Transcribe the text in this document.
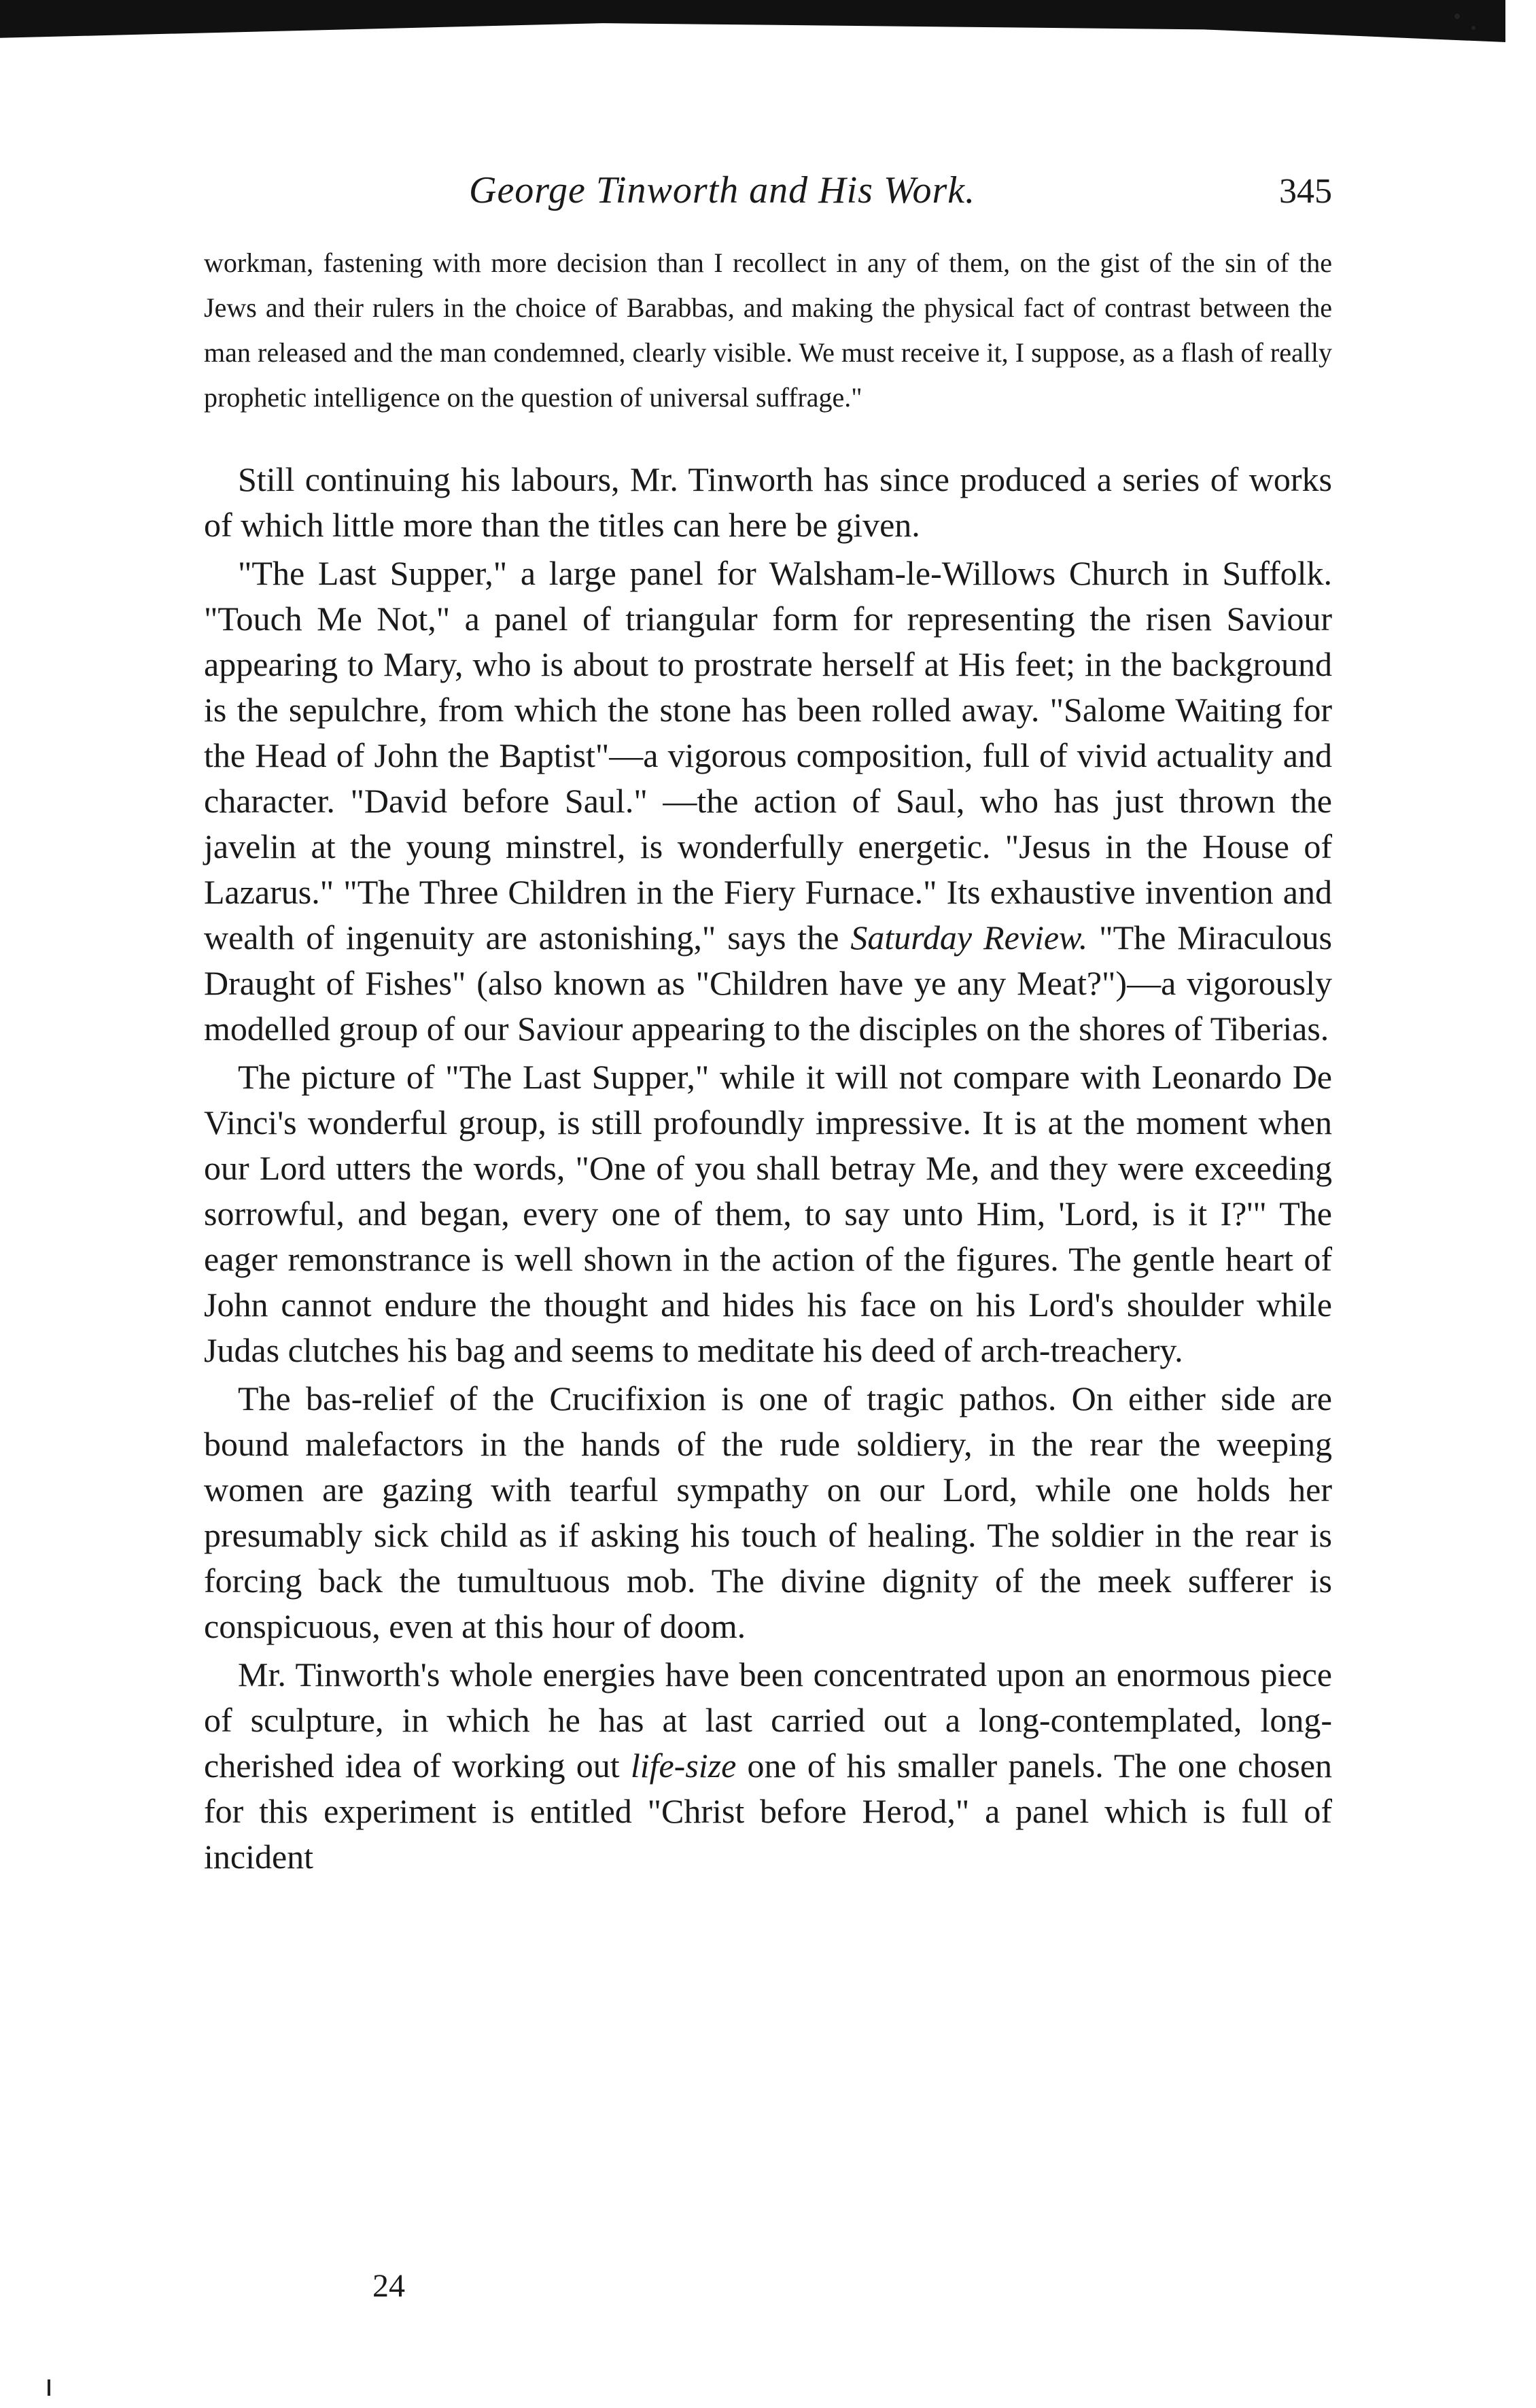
George Tinworth and His Work.	345

workman, fastening with more decision than I recollect in any of them, on the gist of the sin of the Jews and their rulers in the choice of Barabbas, and making the physical fact of contrast between the man released and the man condemned, clearly visible. We must receive it, I suppose, as a flash of really prophetic intelligence on the question of universal suffrage."

Still continuing his labours, Mr. Tinworth has since produced a series of works of which little more than the titles can here be given.

"The Last Supper," a large panel for Walsham-le-Willows Church in Suffolk. "Touch Me Not," a panel of triangular form for representing the risen Saviour appearing to Mary, who is about to prostrate herself at His feet; in the background is the sepulchre, from which the stone has been rolled away. "Salome Waiting for the Head of John the Baptist"—a vigorous composition, full of vivid actuality and character. "David before Saul." —the action of Saul, who has just thrown the javelin at the young minstrel, is wonderfully energetic. "Jesus in the House of Lazarus." "The Three Children in the Fiery Furnace." Its exhaustive invention and wealth of ingenuity are astonishing," says the Saturday Review. "The Miraculous Draught of Fishes" (also known as "Children have ye any Meat?")—a vigorously modelled group of our Saviour appearing to the disciples on the shores of Tiberias.

The picture of "The Last Supper," while it will not compare with Leonardo De Vinci's wonderful group, is still profoundly impressive. It is at the moment when our Lord utters the words, "One of you shall betray Me, and they were exceeding sorrowful, and began, every one of them, to say unto Him, 'Lord, is it I?'" The eager remonstrance is well shown in the action of the figures. The gentle heart of John cannot endure the thought and hides his face on his Lord's shoulder while Judas clutches his bag and seems to meditate his deed of arch-treachery.

The bas-relief of the Crucifixion is one of tragic pathos. On either side are bound malefactors in the hands of the rude soldiery, in the rear the weeping women are gazing with tearful sympathy on our Lord, while one holds her presumably sick child as if asking his touch of healing. The soldier in the rear is forcing back the tumultuous mob. The divine dignity of the meek sufferer is conspicuous, even at this hour of doom.

Mr. Tinworth's whole energies have been concentrated upon an enormous piece of sculpture, in which he has at last carried out a long-contemplated, long-cherished idea of working out life-size one of his smaller panels. The one chosen for this experiment is entitled "Christ before Herod," a panel which is full of incident

24
